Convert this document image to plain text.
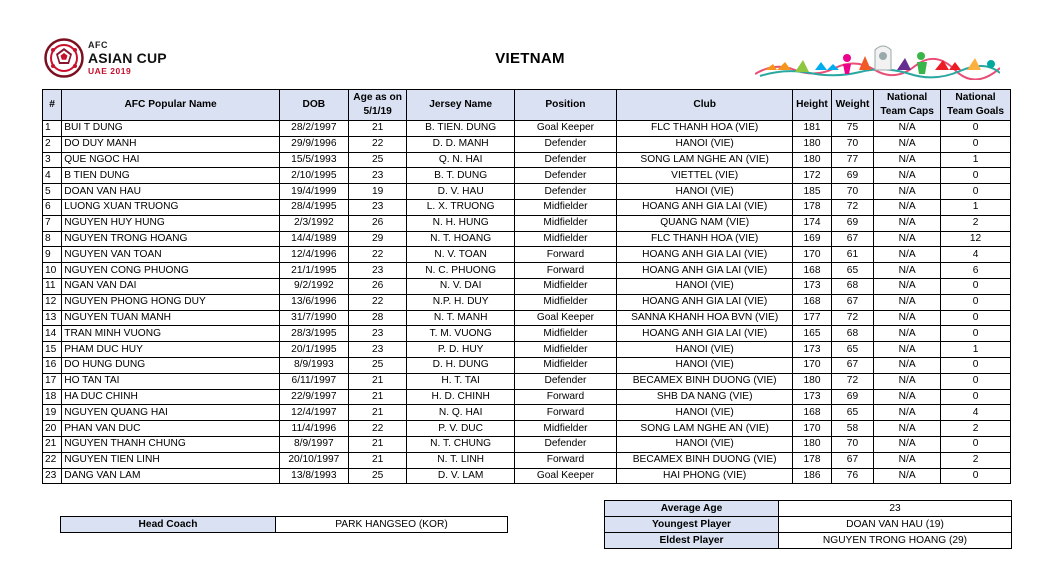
AFC
ASIAN CUP
UAE 2019
VIETNAM
#	AFC Popular Name	DOB	Age as on 5/1/19	Jersey Name	Position	Club	Height	Weight	National Team Caps	National Team Goals
1	BUI T DUNG	28/2/1997	21	B. TIEN. DUNG	Goal Keeper	FLC THANH HOA (VIE)	181	75	N/A	0
2	DO DUY MANH	29/9/1996	22	D. D. MANH	Defender	HANOI (VIE)	180	70	N/A	0
3	QUE NGOC HAI	15/5/1993	25	Q. N. HAI	Defender	SONG LAM NGHE AN (VIE)	180	77	N/A	1
4	B TIEN DUNG	2/10/1995	23	B. T. DUNG	Defender	VIETTEL (VIE)	172	69	N/A	0
5	DOAN VAN HAU	19/4/1999	19	D. V. HAU	Defender	HANOI (VIE)	185	70	N/A	0
6	LUONG XUAN TRUONG	28/4/1995	23	L. X. TRUONG	Midfielder	HOANG ANH GIA LAI (VIE)	178	72	N/A	1
7	NGUYEN HUY HUNG	2/3/1992	26	N. H. HUNG	Midfielder	QUANG NAM (VIE)	174	69	N/A	2
8	NGUYEN TRONG HOANG	14/4/1989	29	N. T. HOANG	Midfielder	FLC THANH HOA (VIE)	169	67	N/A	12
9	NGUYEN VAN TOAN	12/4/1996	22	N. V. TOAN	Forward	HOANG ANH GIA LAI (VIE)	170	61	N/A	4
10	NGUYEN CONG PHUONG	21/1/1995	23	N. C. PHUONG	Forward	HOANG ANH GIA LAI (VIE)	168	65	N/A	6
11	NGAN VAN DAI	9/2/1992	26	N. V. DAI	Midfielder	HANOI (VIE)	173	68	N/A	0
12	NGUYEN PHONG HONG DUY	13/6/1996	22	N.P. H. DUY	Midfielder	HOANG ANH GIA LAI (VIE)	168	67	N/A	0
13	NGUYEN TUAN MANH	31/7/1990	28	N. T. MANH	Goal Keeper	SANNA KHANH HOA BVN (VIE)	177	72	N/A	0
14	TRAN MINH VUONG	28/3/1995	23	T. M. VUONG	Midfielder	HOANG ANH GIA LAI (VIE)	165	68	N/A	0
15	PHAM DUC HUY	20/1/1995	23	P. D. HUY	Midfielder	HANOI (VIE)	173	65	N/A	1
16	DO HUNG DUNG	8/9/1993	25	D. H. DUNG	Midfielder	HANOI (VIE)	170	67	N/A	0
17	HO TAN TAI	6/11/1997	21	H. T. TAI	Defender	BECAMEX BINH DUONG (VIE)	180	72	N/A	0
18	HA DUC CHINH	22/9/1997	21	H. D. CHINH	Forward	SHB DA NANG (VIE)	173	69	N/A	0
19	NGUYEN QUANG HAI	12/4/1997	21	N. Q. HAI	Forward	HANOI (VIE)	168	65	N/A	4
20	PHAN VAN DUC	11/4/1996	22	P. V. DUC	Midfielder	SONG LAM NGHE AN (VIE)	170	58	N/A	2
21	NGUYEN THANH CHUNG	8/9/1997	21	N. T. CHUNG	Defender	HANOI (VIE)	180	70	N/A	0
22	NGUYEN TIEN LINH	20/10/1997	21	N. T. LINH	Forward	BECAMEX BINH DUONG (VIE)	178	67	N/A	2
23	DANG VAN LAM	13/8/1993	25	D. V. LAM	Goal Keeper	HAI PHONG (VIE)	186	76	N/A	0
Head Coach	PARK HANGSEO (KOR)
Average Age	23
Youngest Player	DOAN VAN HAU (19)
Eldest Player	NGUYEN TRONG HOANG (29)
